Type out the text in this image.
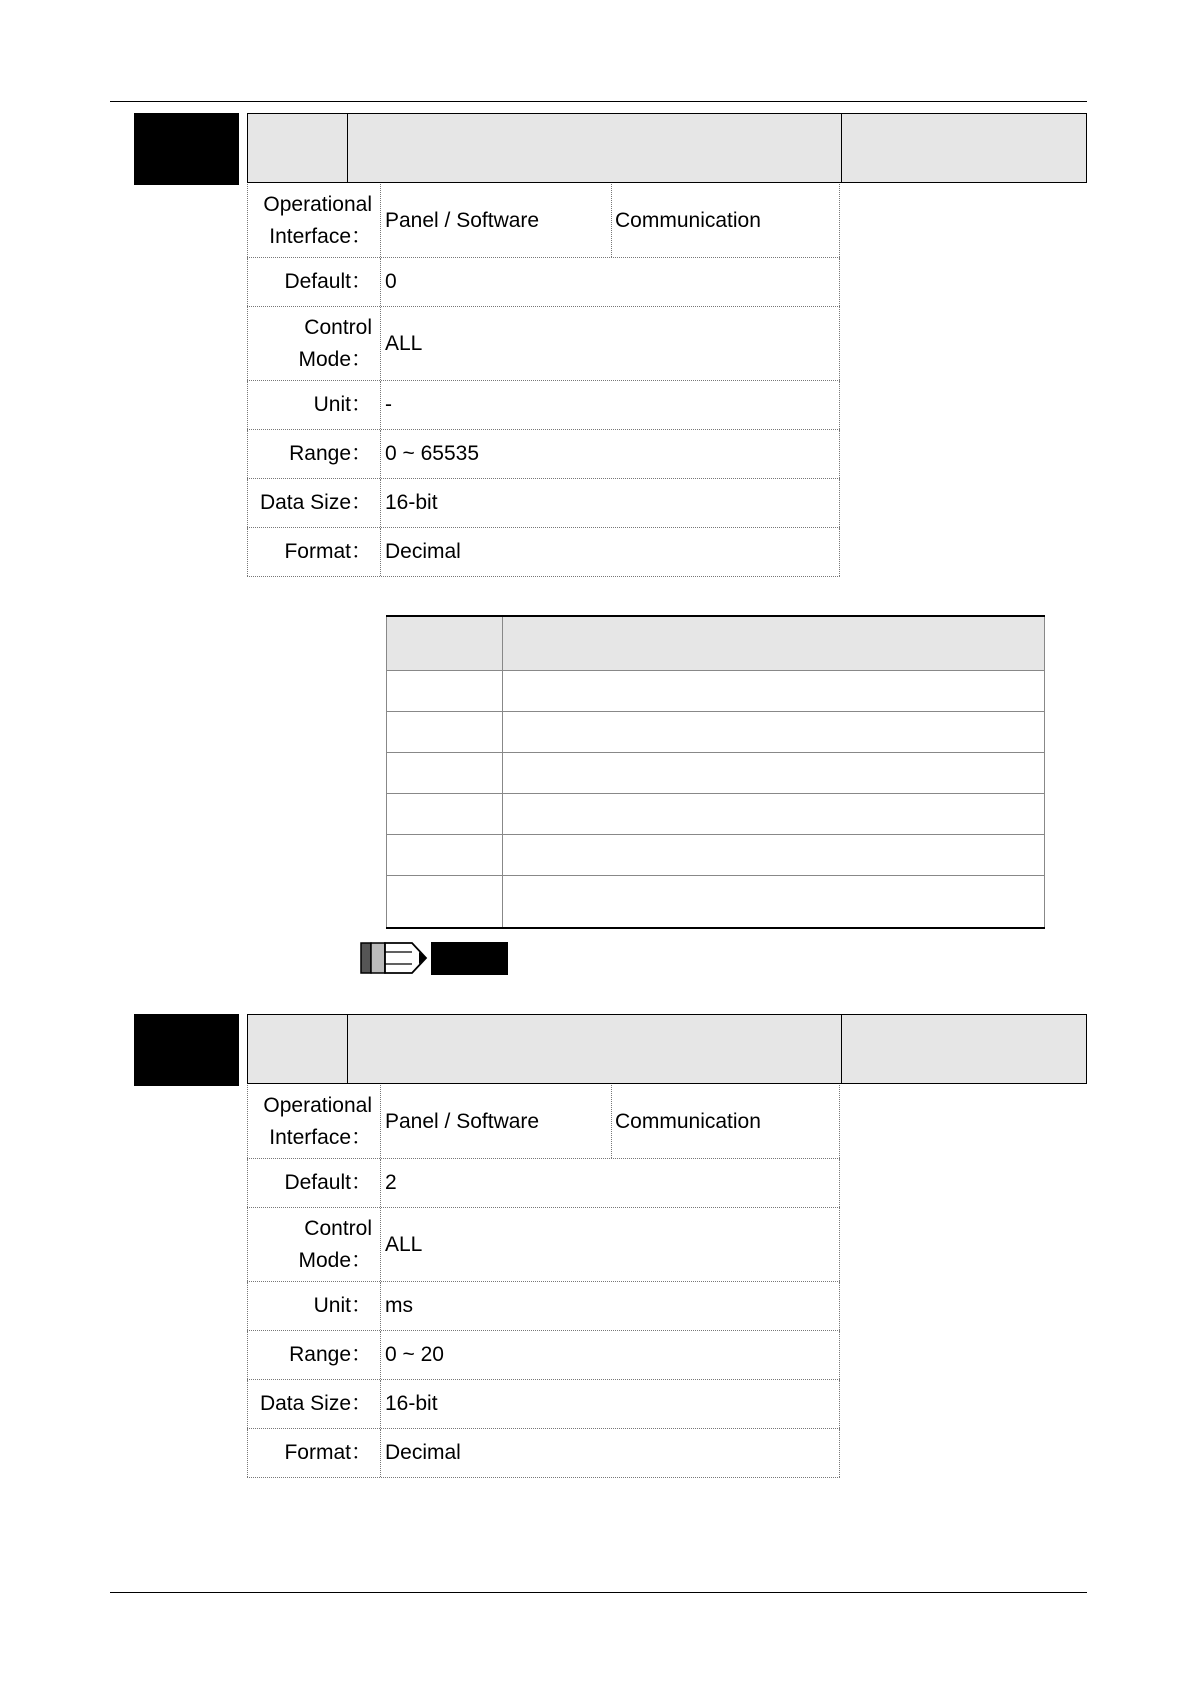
Operational
Interface：
Panel / Software	Communication
Default： 0
Control
Mode：
ALL
Unit： -
Range： 0 ~ 65535
Data Size： 16-bit
Format： Decimal

Operational
Interface：
Panel / Software	Communication
Default： 2
Control
Mode：
ALL
Unit： ms
Range： 0 ~ 20
Data Size： 16-bit
Format： Decimal
